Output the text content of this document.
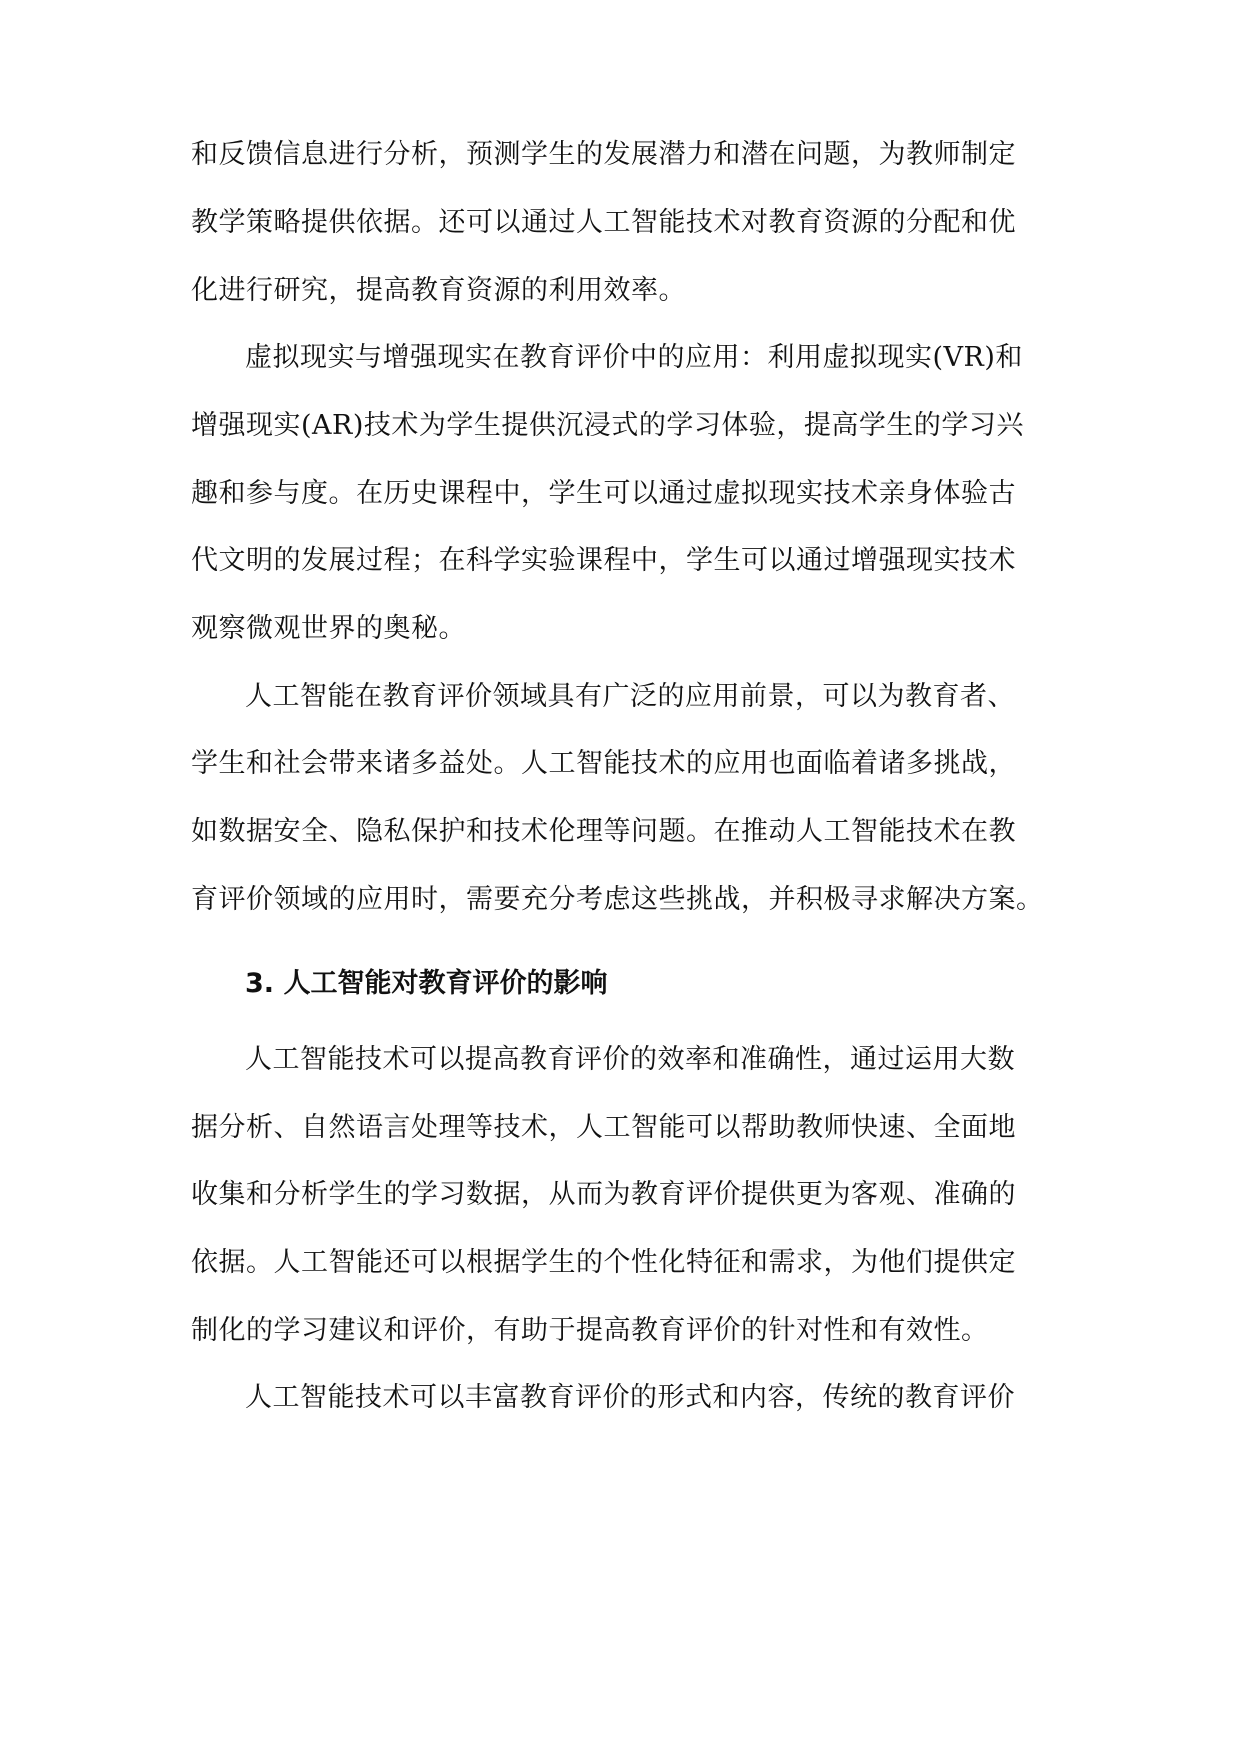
和反馈信息进行分析，预测学生的发展潜力和潜在问题，为教师制定
教学策略提供依据。还可以通过人工智能技术对教育资源的分配和优
化进行研究，提高教育资源的利用效率。
虚拟现实与增强现实在教育评价中的应用：利用虚拟现实(VR)和
增强现实(AR)技术为学生提供沉浸式的学习体验，提高学生的学习兴
趣和参与度。在历史课程中，学生可以通过虚拟现实技术亲身体验古
代文明的发展过程；在科学实验课程中，学生可以通过增强现实技术
观察微观世界的奥秘。
人工智能在教育评价领域具有广泛的应用前景，可以为教育者、
学生和社会带来诸多益处。人工智能技术的应用也面临着诸多挑战，
如数据安全、隐私保护和技术伦理等问题。在推动人工智能技术在教
育评价领域的应用时，需要充分考虑这些挑战，并积极寻求解决方案。
3. 人工智能对教育评价的影响
人工智能技术可以提高教育评价的效率和准确性，通过运用大数
据分析、自然语言处理等技术，人工智能可以帮助教师快速、全面地
收集和分析学生的学习数据，从而为教育评价提供更为客观、准确的
依据。人工智能还可以根据学生的个性化特征和需求，为他们提供定
制化的学习建议和评价，有助于提高教育评价的针对性和有效性。
人工智能技术可以丰富教育评价的形式和内容，传统的教育评价
